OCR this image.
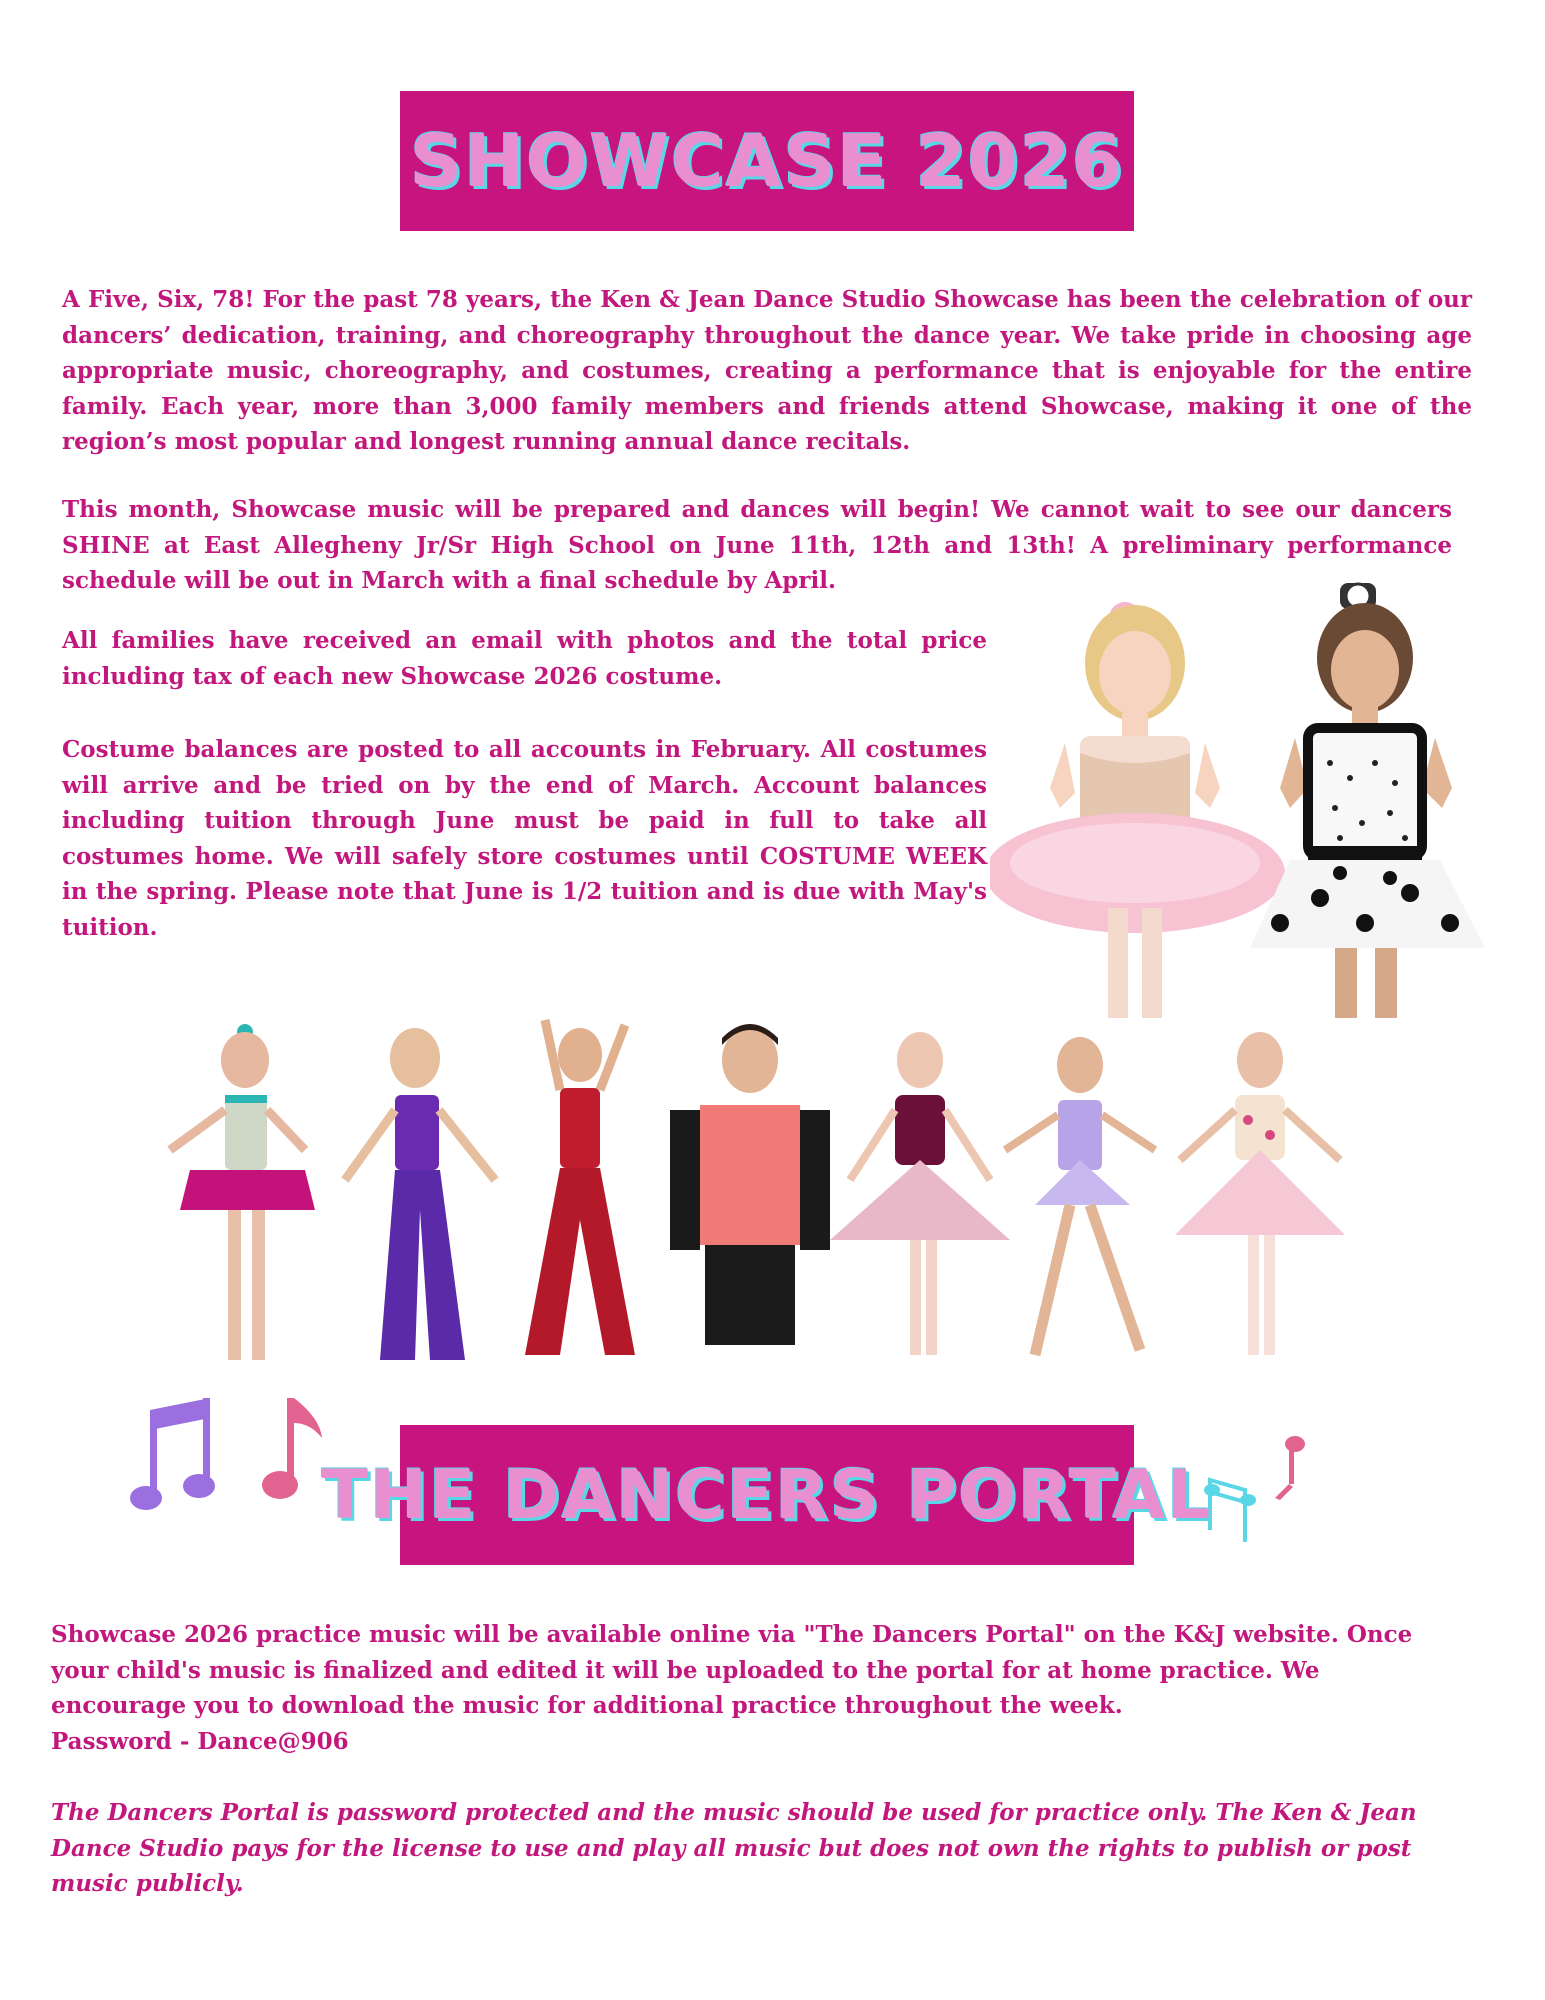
SHOWCASE 2026

A Five, Six, 78! For the past 78 years, the Ken & Jean Dance Studio Showcase has been the celebration of our dancers’ dedication, training, and choreography throughout the dance year. We take pride in choosing age appropriate music, choreography, and costumes, creating a performance that is enjoyable for the entire family. Each year, more than 3,000 family members and friends attend Showcase, making it one of the region’s most popular and longest running annual dance recitals.

This month, Showcase music will be prepared and dances will begin! We cannot wait to see our dancers SHINE at East Allegheny Jr/Sr High School on June 11th, 12th and 13th! A preliminary performance schedule will be out in March with a final schedule by April.

All families have received an email with photos and the total price including tax of each new Showcase 2026 costume.

Costume balances are posted to all accounts in February. All costumes will arrive and be tried on by the end of March. Account balances including tuition through June must be paid in full to take all costumes home. We will safely store costumes until COSTUME WEEK in the spring. Please note that June is 1/2 tuition and is due with May's tuition.

THE DANCERS PORTAL
Showcase 2026 practice music will be available online via "The Dancers Portal" on the K&J website. Once
your child's music is finalized and edited it will be uploaded to the portal for at home practice. We
encourage you to download the music for additional practice throughout the week.
Password - Dance@906

The Dancers Portal is password protected and the music should be used for practice only. The Ken & Jean Dance Studio pays for the license to use and play all music but does not own the rights to publish or post music publicly.
